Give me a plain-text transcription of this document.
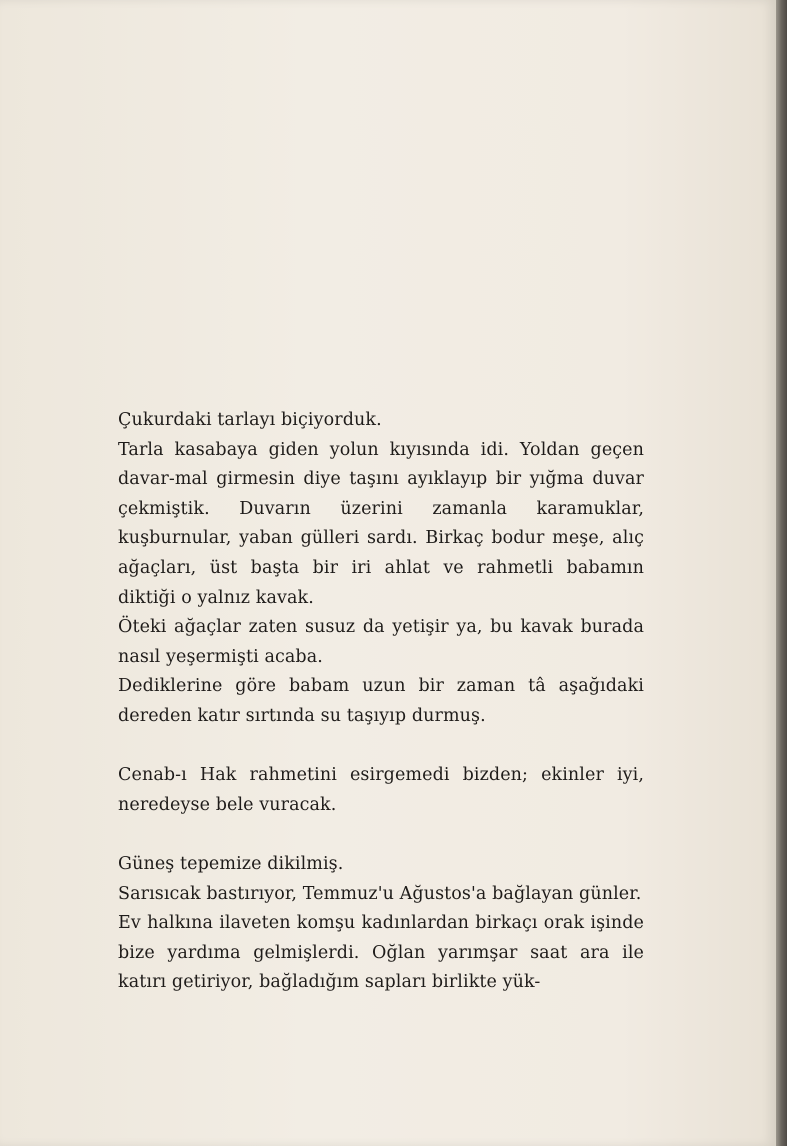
Çukurdaki tarlayı biçiyorduk.

Tarla kasabaya giden yolun kıyısında idi. Yoldan geçen davar-mal girmesin diye taşını ayıklayıp bir yığma duvar çekmiştik. Duvarın üzerini zamanla karamuklar, kuşburnular, yaban gülleri sardı. Birkaç bodur meşe, alıç ağaçları, üst başta bir iri ahlat ve rahmetli babamın diktiği o yalnız kavak.

Öteki ağaçlar zaten susuz da yetişir ya, bu kavak burada nasıl yeşermişti acaba.

Dediklerine göre babam uzun bir zaman tâ aşağıdaki dereden katır sırtında su taşıyıp durmuş.

Cenab-ı Hak rahmetini esirgemedi bizden; ekinler iyi, neredeyse bele vuracak.

Güneş tepemize dikilmiş.

Sarısıcak bastırıyor, Temmuz'u Ağustos'a bağlayan günler.

Ev halkına ilaveten komşu kadınlardan birkaçı orak işinde bize yardıma gelmişlerdi. Oğlan yarımşar saat ara ile katırı getiriyor, bağladığım sapları birlikte yük-
